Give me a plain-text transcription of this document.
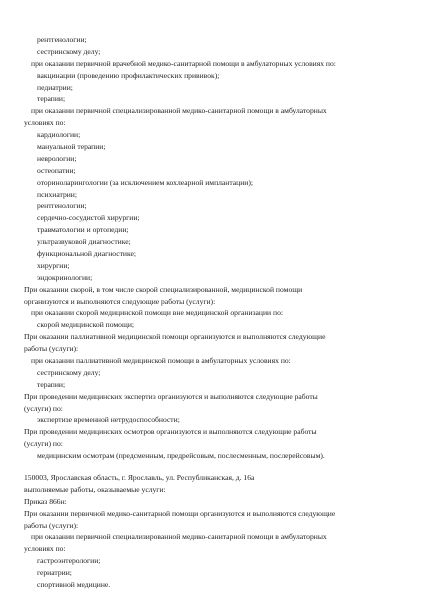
рентгенологии;
сестринскому делу;
при оказании первичной врачебной медико-санитарной помощи в амбулаторных условиях по:
вакцинации (проведению профилактических прививок);
педиатрии;
терапии;
при оказании первичной специализированной медико-санитарной помощи в амбулаторных
условиях по:
кардиологии;
мануальной терапии;
неврологии;
остеопатии;
оториноларингологии (за исключением кохлеарной имплантации);
психиатрии;
рентгенологии;
сердечно-сосудистой хирургии;
травматологии и ортопедии;
ультразвуковой диагностике;
функциональной диагностике;
хирургии;
эндокринологии;
При оказании скорой, в том числе скорой специализированной, медицинской помощи
организуются и выполняются следующие работы (услуги):
при оказании скорой медицинской помощи вне медицинской организации по:
скорой медицинской помощи;
При оказании паллиативной медицинской помощи организуются и выполняются следующие
работы (услуги):
при оказании паллиативной медицинской помощи в амбулаторных условиях по:
сестринскому делу;
терапии;
При проведении медицинских экспертиз организуются и выполняются следующие работы
(услуги) по:
экспертизе временной нетрудоспособности;
При проведении медицинских осмотров организуются и выполняются следующие работы
(услуги) по:
медицинским осмотрам (предсменным, предрейсовым, послесменным, послерейсовым).
150003, Ярославская область, г. Ярославль, ул. Республиканская, д. 16а
выполняемые работы, оказываемые услуги:
Приказ 866н:
При оказании первичной медико-санитарной помощи организуются и выполняются следующие
работы (услуги):
при оказании первичной специализированной медико-санитарной помощи в амбулаторных
условиях по:
гастроэнтерологии;
гериатрии;
спортивной медицине.
